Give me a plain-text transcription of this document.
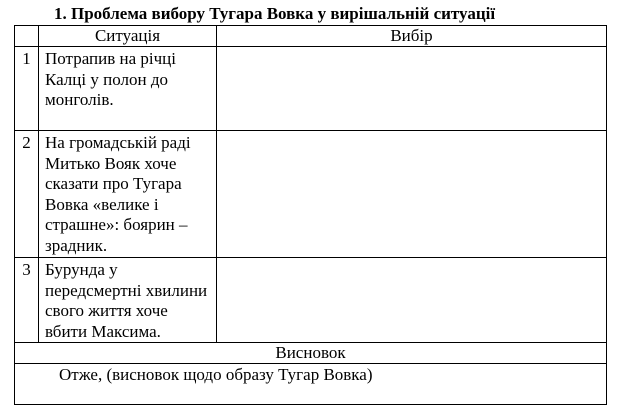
1. Проблема вибору Тугара Вовка у вирішальній ситуації
	Ситуація	Вибір
1	Потрапив на річці Калці у полон до монголів.	
2	На громадській раді Митько Вояк хоче сказати про Тугара Вовка «велике і страшне»: боярин – зрадник.	
3	Бурунда у передсмертні хвилини свого життя хоче вбити Максима.	
Висновок		
Отже, (висновок щодо образу Тугар Вовка)		
